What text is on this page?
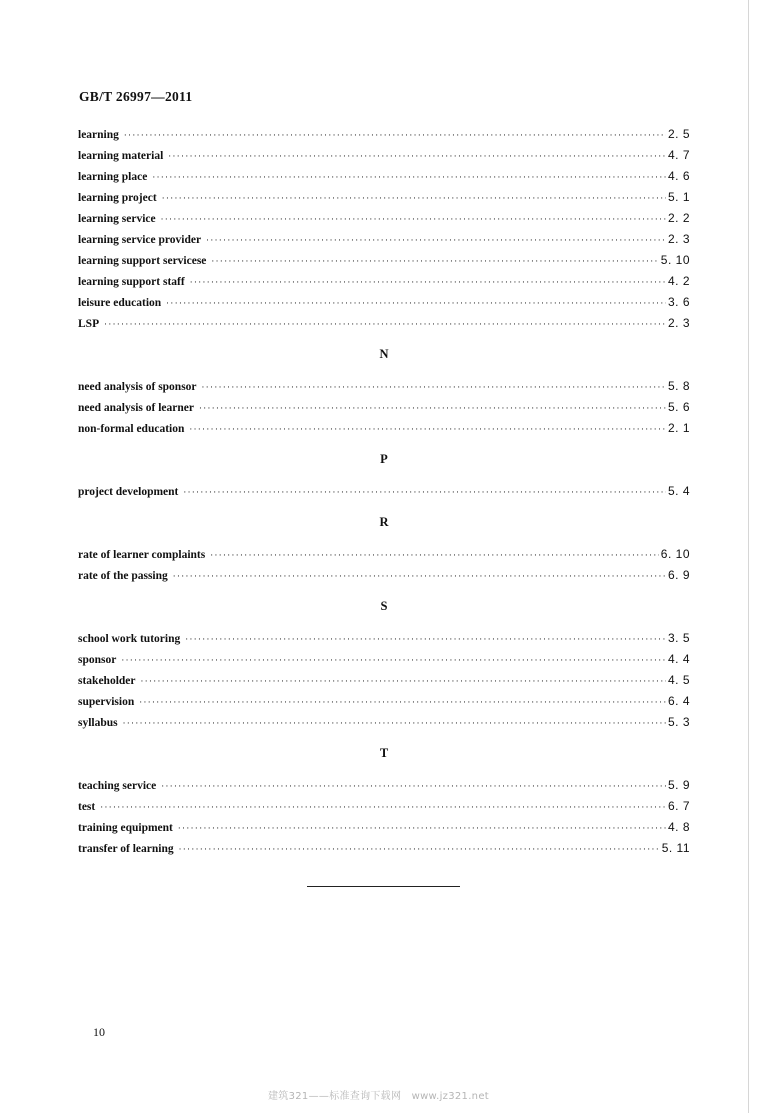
GB/T 26997—2011
learning ·····	2. 5
learning material ·····	4. 7
learning place ·····	4. 6
learning project ·····	5. 1
learning service ·····	2. 2
learning service provider ·····	2. 3
learning support servicese ·····	5. 10
learning support staff ·····	4. 2
leisure education ·····	3. 6
LSP ·····	2. 3
N
need analysis of sponsor ·····	5. 8
need analysis of learner ·····	5. 6
non-formal education ·····	2. 1
P
project development ·····	5. 4
R
rate of learner complaints ·····	6. 10
rate of the passing ·····	6. 9
S
school work tutoring ·····	3. 5
sponsor ·····	4. 4
stakeholder ·····	4. 5
supervision ·····	6. 4
syllabus ·····	5. 3
T
teaching service ·····	5. 9
test ·····	6. 7
training equipment ·····	4. 8
transfer of learning ·····	5. 11
10
建筑321——标准查询下载网　www.jz321.net
